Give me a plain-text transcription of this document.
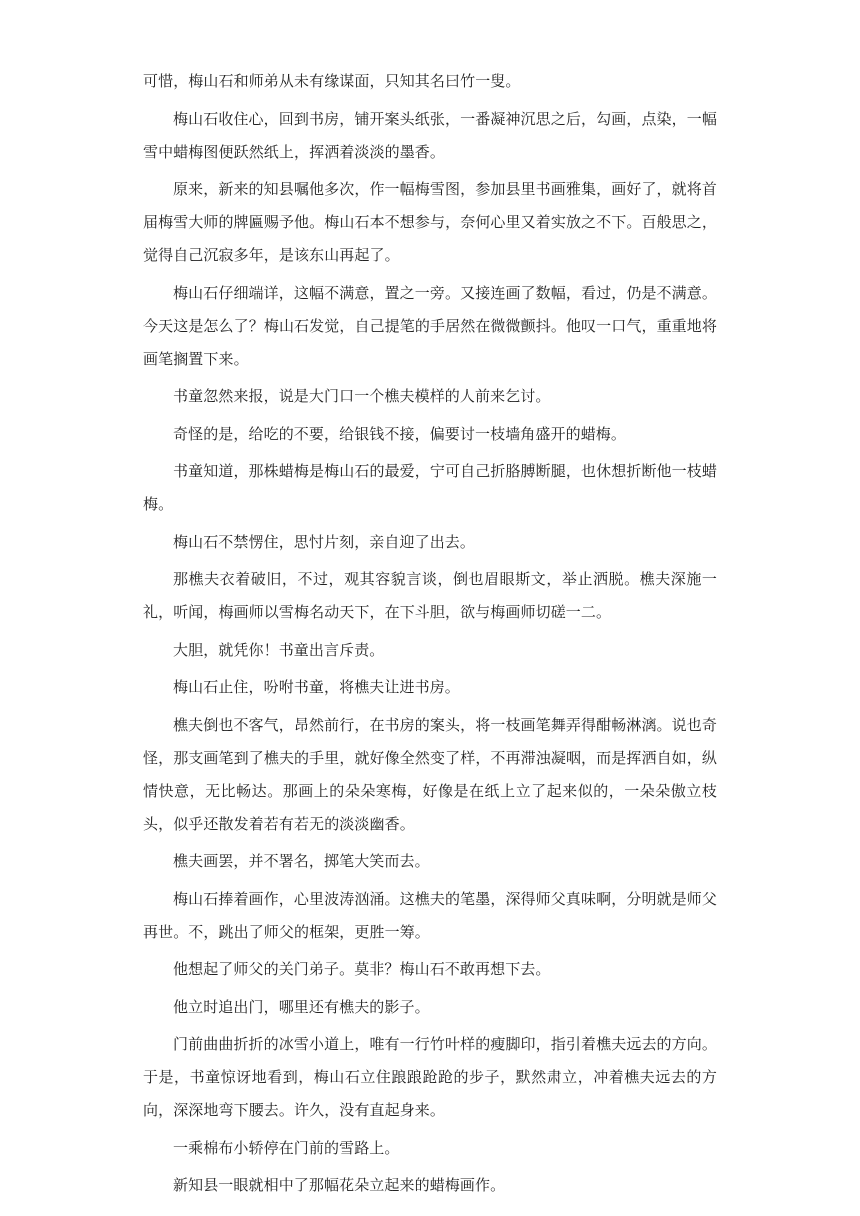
可惜，梅山石和师弟从未有缘谋面，只知其名曰竹一叟。

梅山石收住心，回到书房，铺开案头纸张，一番凝神沉思之后，勾画，点染，一幅雪中蜡梅图便跃然纸上，挥洒着淡淡的墨香。

原来，新来的知县嘱他多次，作一幅梅雪图，参加县里书画雅集，画好了，就将首届梅雪大师的牌匾赐予他。梅山石本不想参与，奈何心里又着实放之不下。百般思之，觉得自己沉寂多年，是该东山再起了。

梅山石仔细端详，这幅不满意，置之一旁。又接连画了数幅，看过，仍是不满意。今天这是怎么了？梅山石发觉，自己提笔的手居然在微微颤抖。他叹一口气，重重地将画笔搁置下来。

书童忽然来报，说是大门口一个樵夫模样的人前来乞讨。

奇怪的是，给吃的不要，给银钱不接，偏要讨一枝墙角盛开的蜡梅。

书童知道，那株蜡梅是梅山石的最爱，宁可自己折胳膊断腿，也休想折断他一枝蜡梅。

梅山石不禁愣住，思忖片刻，亲自迎了出去。

那樵夫衣着破旧，不过，观其容貌言谈，倒也眉眼斯文，举止洒脱。樵夫深施一礼，听闻，梅画师以雪梅名动天下，在下斗胆，欲与梅画师切磋一二。

大胆，就凭你！书童出言斥责。

梅山石止住，吩咐书童，将樵夫让进书房。

樵夫倒也不客气，昂然前行，在书房的案头，将一枝画笔舞弄得酣畅淋漓。说也奇怪，那支画笔到了樵夫的手里，就好像全然变了样，不再滞浊凝咽，而是挥洒自如，纵情快意，无比畅达。那画上的朵朵寒梅，好像是在纸上立了起来似的，一朵朵傲立枝头，似乎还散发着若有若无的淡淡幽香。

樵夫画罢，并不署名，掷笔大笑而去。

梅山石捧着画作，心里波涛汹涌。这樵夫的笔墨，深得师父真味啊，分明就是师父再世。不，跳出了师父的框架，更胜一筹。

他想起了师父的关门弟子。莫非？梅山石不敢再想下去。

他立时追出门，哪里还有樵夫的影子。

门前曲曲折折的冰雪小道上，唯有一行竹叶样的瘦脚印，指引着樵夫远去的方向。于是，书童惊讶地看到，梅山石立住踉踉跄跄的步子，默然肃立，冲着樵夫远去的方向，深深地弯下腰去。许久，没有直起身来。

一乘棉布小轿停在门前的雪路上。

新知县一眼就相中了那幅花朵立起来的蜡梅画作。
